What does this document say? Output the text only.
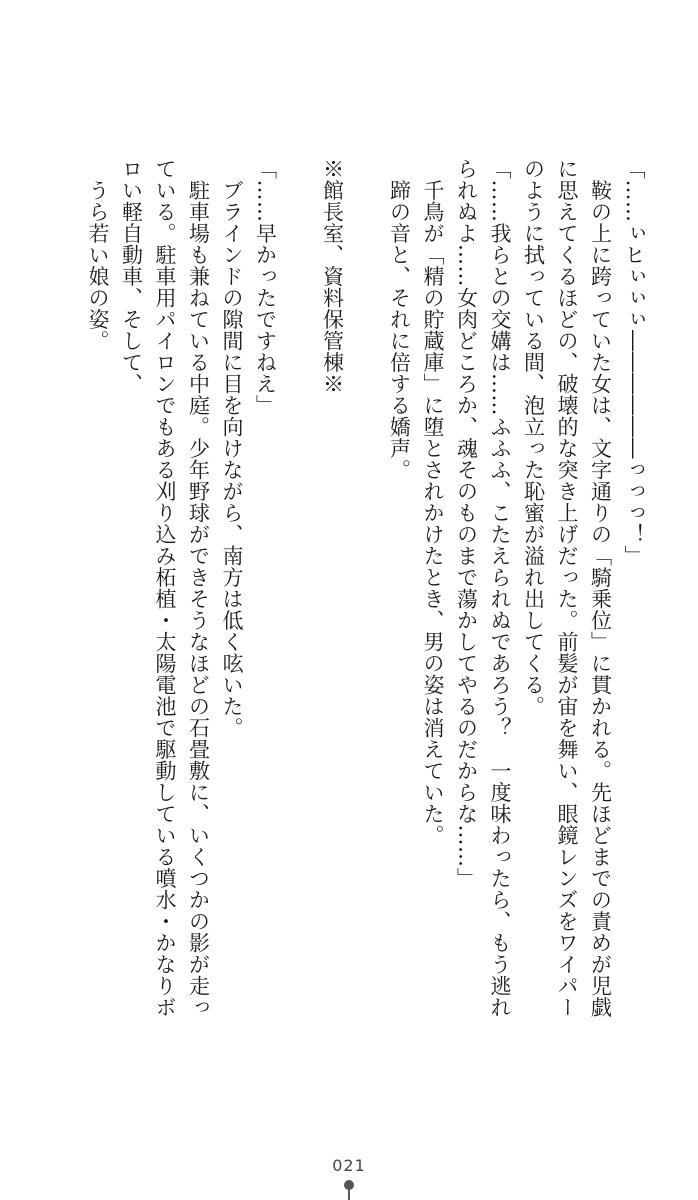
「……ぃヒぃぃぃ――――――っっっ！」
　鞍の上に跨っていた女は、文字通りの「騎乗位」に貫かれる。先ほどまでの責めが児戯
に思えてくるほどの、破壊的な突き上げだった。前髪が宙を舞い、眼鏡レンズをワイパー
のように拭っている間、泡立った恥蜜が溢れ出してくる。
「……我らとの交媾は……ふふふ、こたえられぬであろう？　一度味わったら、もう逃れ
られぬよ……女肉どころか、魂そのものまで蕩かしてやるのだからな……」
　千鳥が「精の貯蔵庫」に堕とされかけたとき、男の姿は消えていた。
　蹄の音と、それに倍する嬌声。
※館長室、資料保管棟※
「……早かったですねえ」
　ブラインドの隙間に目を向けながら、南方は低く呟いた。
　駐車場も兼ねている中庭。少年野球ができそうなほどの石畳敷に、いくつかの影が走っ
ている。駐車用パイロンでもある刈り込み柘植・太陽電池で駆動している噴水・かなりボ
ロい軽自動車、そして、
　うら若い娘の姿。
021
